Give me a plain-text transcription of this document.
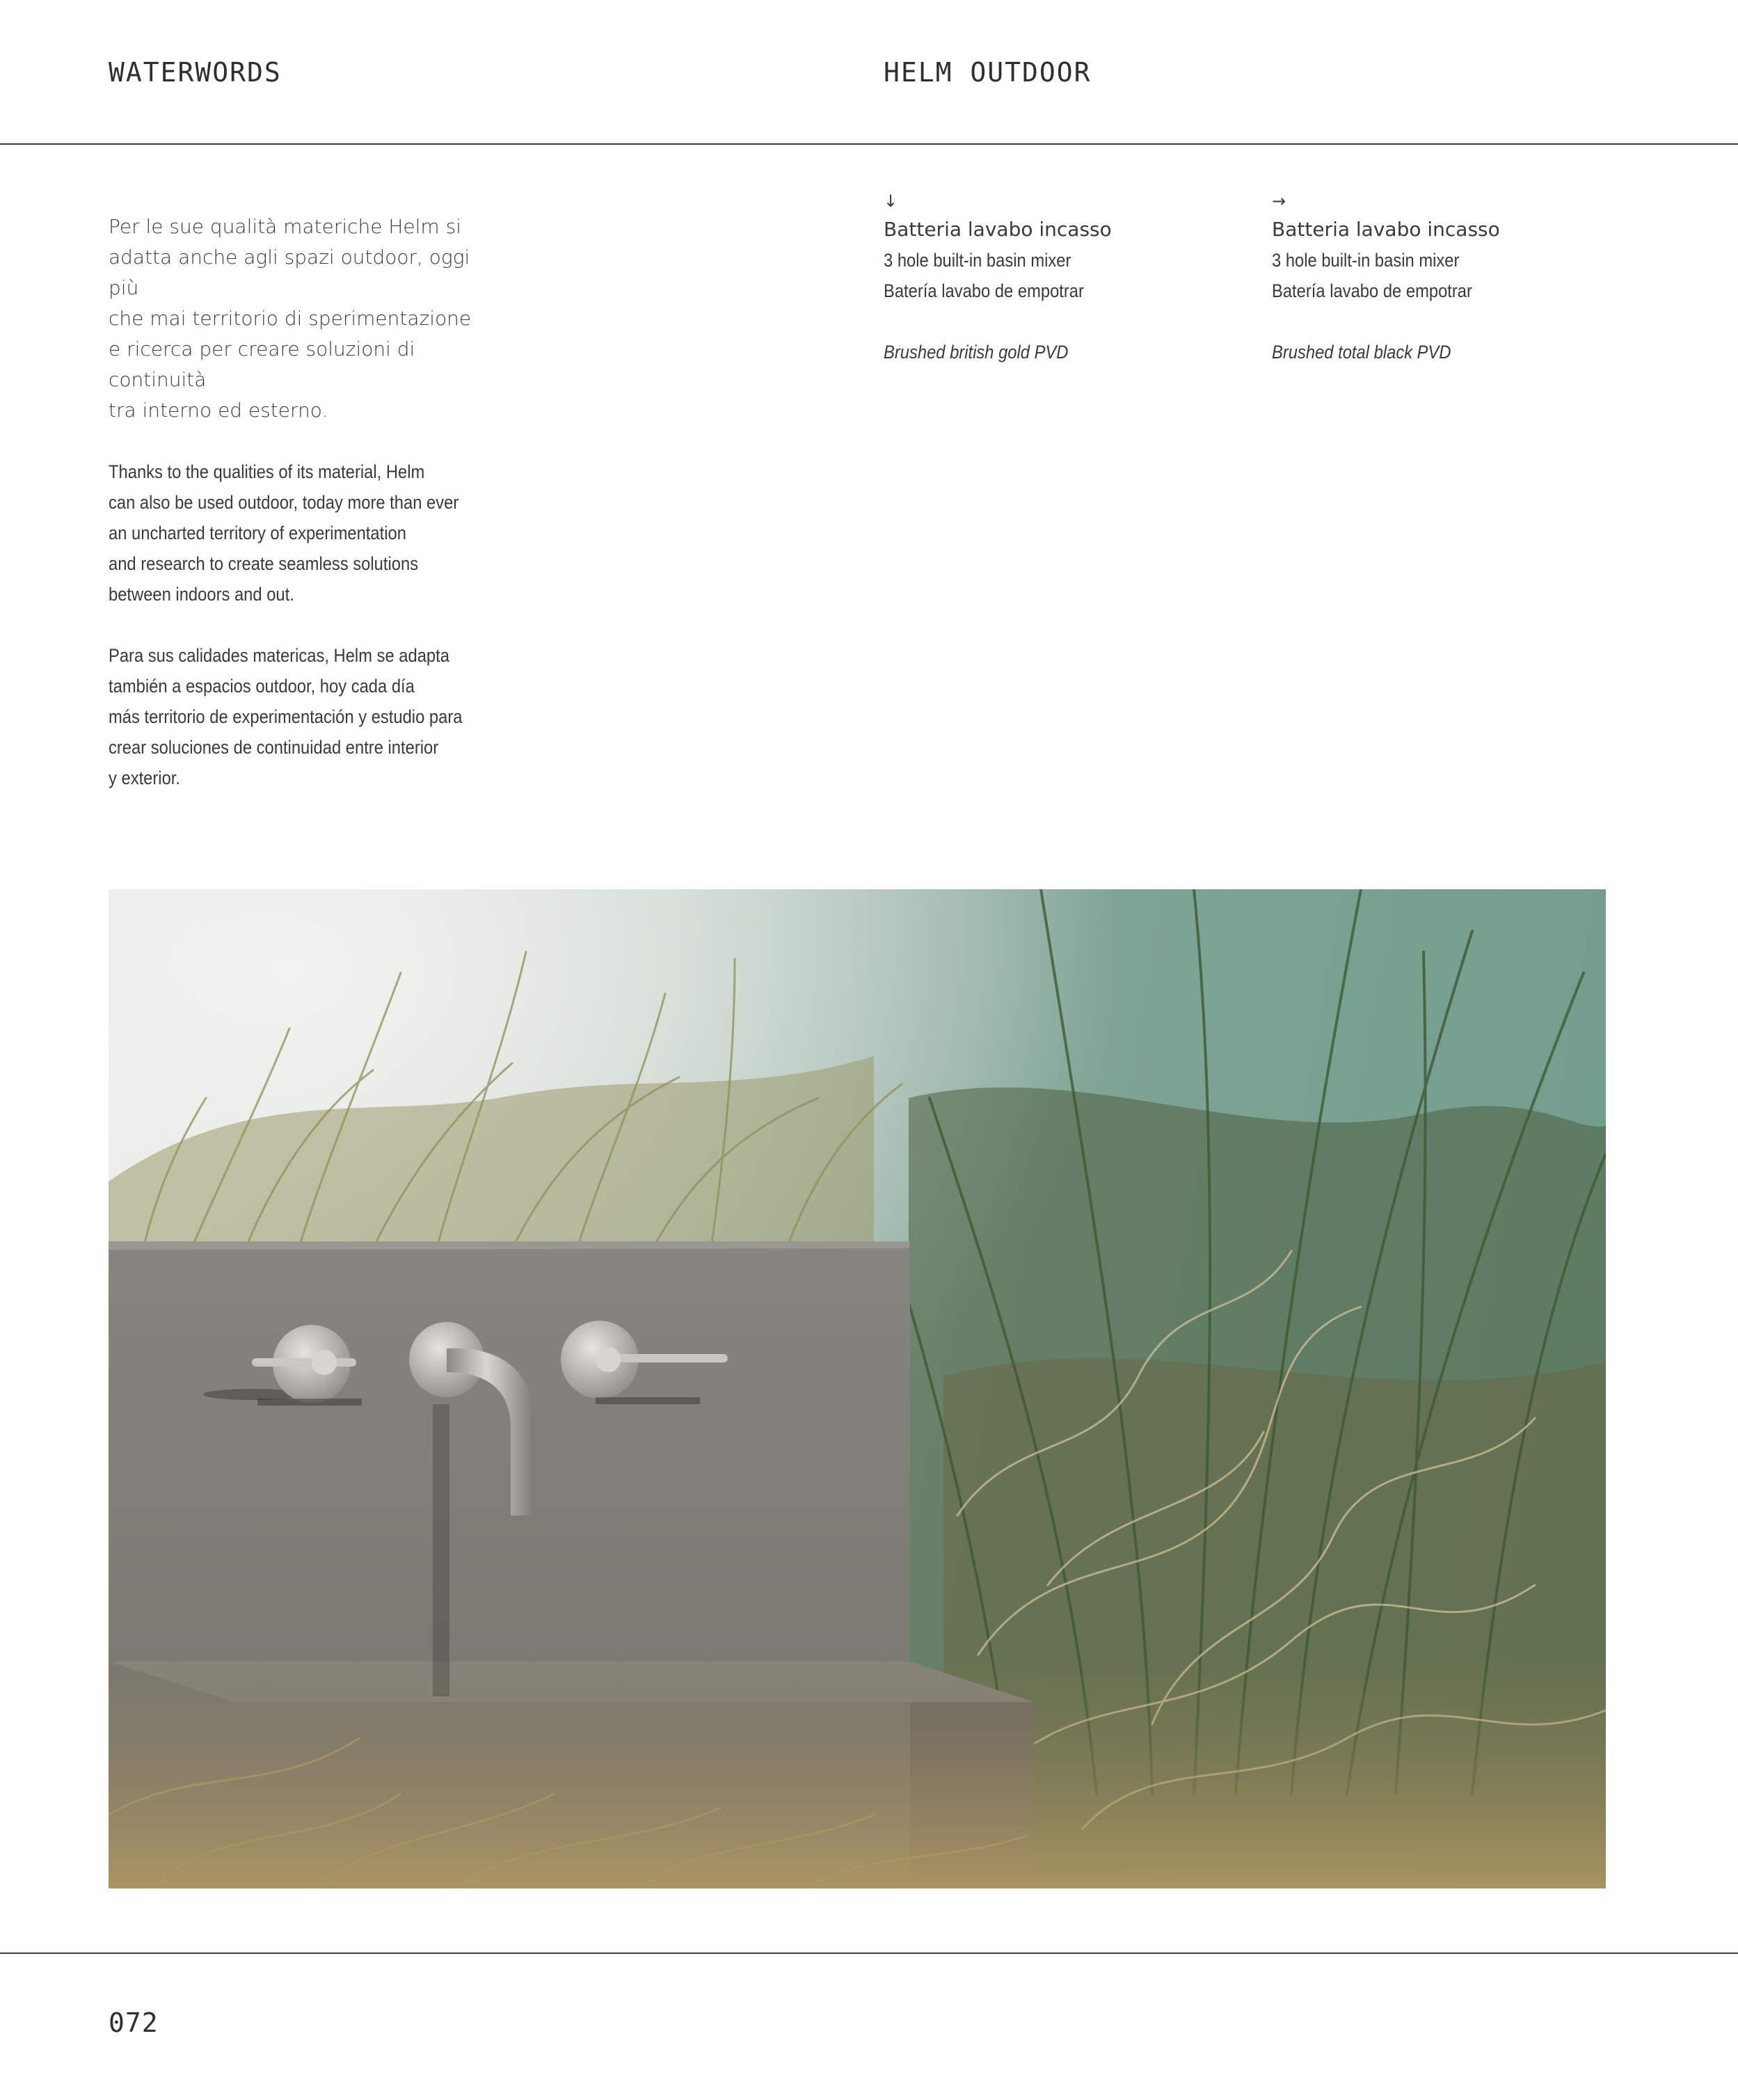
WATERWORDS	HELM OUTDOOR

Per le sue qualità materiche Helm si
adatta anche agli spazi outdoor, oggi più
che mai territorio di sperimentazione
e ricerca per creare soluzioni di continuità
tra interno ed esterno.

Thanks to the qualities of its material, Helm
can also be used outdoor, today more than ever
an uncharted territory of experimentation
and research to create seamless solutions
between indoors and out.

Para sus calidades matericas, Helm se adapta
también a espacios outdoor, hoy cada día
más territorio de experimentación y estudio para
crear soluciones de continuidad entre interior
y exterior.

↓
Batteria lavabo incasso
3 hole built-in basin mixer
Batería lavabo de empotrar
Brushed british gold PVD
→
Batteria lavabo incasso
3 hole built-in basin mixer
Batería lavabo de empotrar
Brushed total black PVD
072
